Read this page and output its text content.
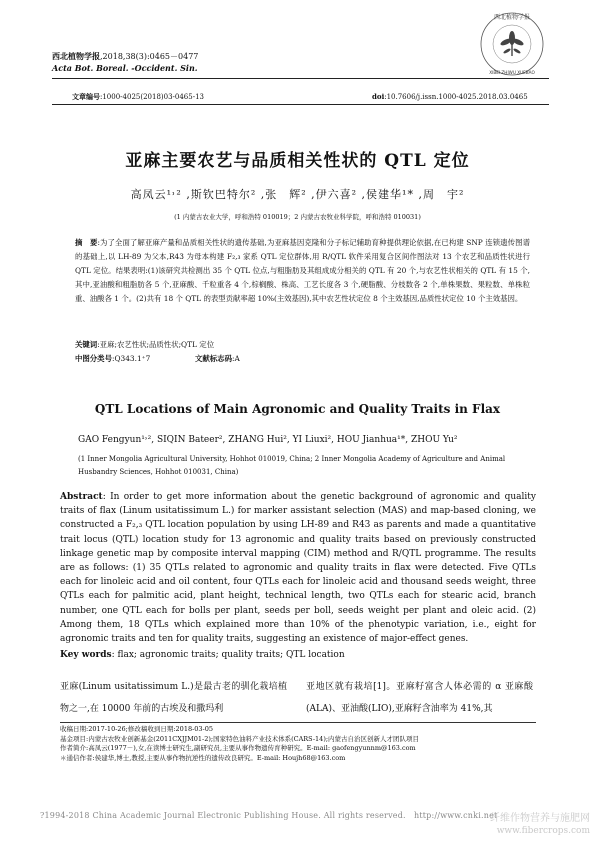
西北植物学报,2018,38(3):0465－0477
Acta Bot. Boreal. -Occident. Sin.
西北植物学报
XIBEI ZHIWU XUEBAO
文章编号:1000-4025(2018)03-0465-13	doi:10.7606/j.issn.1000-4025.2018.03.0465
亚麻主要农艺与品质相关性状的 QTL 定位
高凤云¹˒² ,斯钦巴特尔² ,张　辉² ,伊六喜² ,侯建华¹* ,周　宇²
(1 内蒙古农业大学，呼和浩特 010019；2 内蒙古农牧业科学院，呼和浩特 010031)
摘　要:为了全面了解亚麻产量和品质相关性状的遗传基础,为亚麻基因克隆和分子标记辅助育种提供理论依据,在已构建 SNP 连锁遗传图谱的基础上,以 LH-89 为父本,R43 为母本构建 F₂,₃ 家系 QTL 定位群体,用 R/QTL 软件采用复合区间作图法对 13 个农艺和品质性状进行 QTL 定位。结果表明:(1)该研究共检测出 35 个 QTL 位点,与粗脂肪及其组成成分相关的 QTL 有 20 个,与农艺性状相关的 QTL 有 15 个,其中,亚油酸和粗脂肪各 5 个,亚麻酸、千粒重各 4 个,棕榈酸、株高、工艺长度各 3 个,硬脂酸、分枝数各 2 个,单株果数、果粒数、单株粒重、油酸各 1 个。(2)共有 18 个 QTL 的表型贡献率超 10%(主效基因),其中农艺性状定位 8 个主效基因,品质性状定位 10 个主效基因。
关键词:亚麻;农艺性状;品质性状;QTL 定位
中图分类号:Q343.1⁺7	文献标志码:A
QTL Locations of Main Agronomic and Quality Traits in Flax
GAO Fengyun¹˒², SIQIN Bateer², ZHANG Hui², YI Liuxi², HOU Jianhua¹*, ZHOU Yu²
(1 Inner Mongolia Agricultural University, Hohhot 010019, China; 2 Inner Mongolia Academy of Agriculture and Animal Husbandry Sciences, Hohhot 010031, China)
Abstract: In order to get more information about the genetic background of agronomic and quality traits of flax (Linum usitatissimum L.) for marker assistant selection (MAS) and map-based cloning, we constructed a F₂,₃ QTL location population by using LH-89 and R43 as parents and made a quantitative trait locus (QTL) location study for 13 agronomic and quality traits based on previously constructed linkage genetic map by composite interval mapping (CIM) method and R/QTL programme. The results are as follows: (1) 35 QTLs related to agronomic and quality traits in flax were detected. Five QTLs each for linoleic acid and oil content, four QTLs each for linoleic acid and thousand seeds weight, three QTLs each for palmitic acid, plant height, technical length, two QTLs each for stearic acid, branch number, one QTL each for bolls per plant, seeds per boll, seeds weight per plant and oleic acid. (2) Among them, 18 QTLs which explained more than 10% of the phenotypic variation, i.e., eight for agronomic traits and ten for quality traits, suggesting an existence of major-effect genes.
Key words: flax; agronomic traits; quality traits; QTL location
亚麻(Linum usitatissimum L.)是最古老的驯化栽培植物之一,在 10000 年前的古埃及和撒玛利
亚地区就有栽培[1]。亚麻籽富含人体必需的 α 亚麻酸(ALA)、亚油酸(LIO),亚麻籽含油率为 41%,其
收稿日期:2017-10-26;修改稿收到日期:2018-03-05
基金项目:内蒙古农牧业创新基金(2011CXJJM01-2);国家特色油料产业技术体系(CARS-14);内蒙古自治区创新人才团队项目
作者简介:高凤云(1977－),女,在读博士研究生,副研究员,主要从事作物遗传育种研究。E-mail: gaofengyunnm@163.com
＊通信作者:侯建华,博士,教授,主要从事作物抗逆性的遗传改良研究。E-mail: Houjh68@163.com
?1994-2018 China Academic Journal Electronic Publishing House. All rights reserved.　http://www.cnki.net
纤维作物营养与施肥网
www.fibercrops.com
